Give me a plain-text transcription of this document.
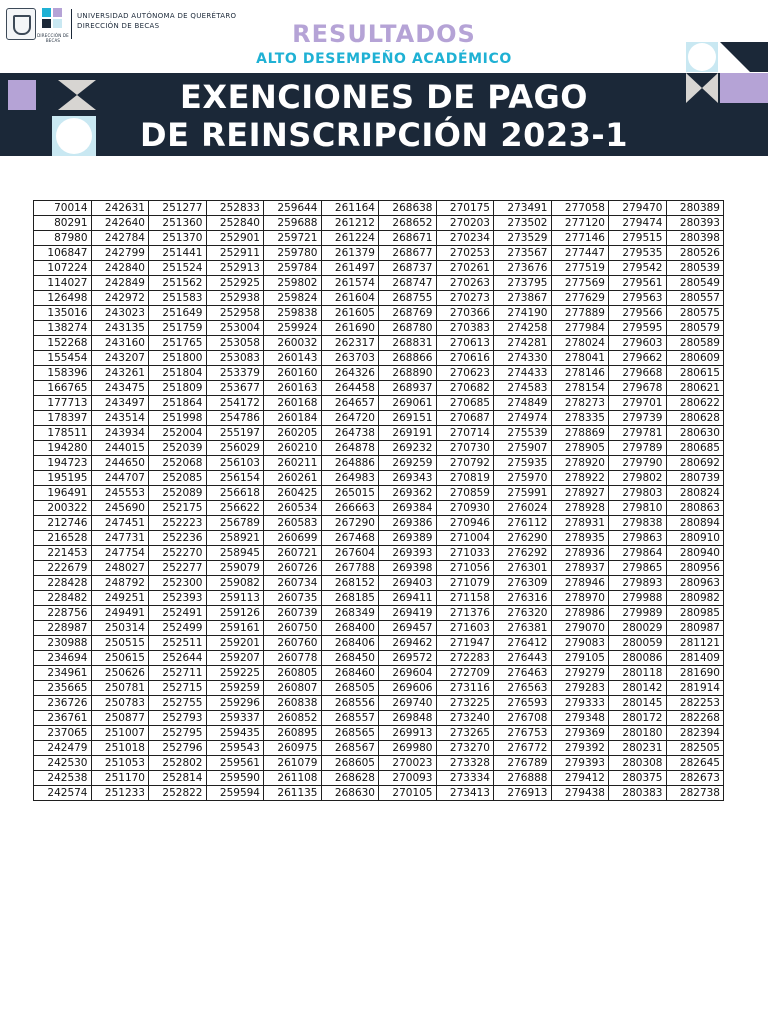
DIRECCIÓN DE BECAS
UNIVERSIDAD AUTÓNOMA DE QUERÉTARO
DIRECCIÓN DE BECAS	RESULTADOS
ALTO DESEMPEÑO ACADÉMICO
EXENCIONES DE PAGO
DE REINSCRIPCIÓN 2023-1
70014	242631	251277	252833	259644	261164	268638	270175	273491	277058	279470	280389
80291	242640	251360	252840	259688	261212	268652	270203	273502	277120	279474	280393
87980	242784	251370	252901	259721	261224	268671	270234	273529	277146	279515	280398
106847	242799	251441	252911	259780	261379	268677	270253	273567	277447	279535	280526
107224	242840	251524	252913	259784	261497	268737	270261	273676	277519	279542	280539
114027	242849	251562	252925	259802	261574	268747	270263	273795	277569	279561	280549
126498	242972	251583	252938	259824	261604	268755	270273	273867	277629	279563	280557
135016	243023	251649	252958	259838	261605	268769	270366	274190	277889	279566	280575
138274	243135	251759	253004	259924	261690	268780	270383	274258	277984	279595	280579
152268	243160	251765	253058	260032	262317	268831	270613	274281	278024	279603	280589
155454	243207	251800	253083	260143	263703	268866	270616	274330	278041	279662	280609
158396	243261	251804	253379	260160	264326	268890	270623	274433	278146	279668	280615
166765	243475	251809	253677	260163	264458	268937	270682	274583	278154	279678	280621
177713	243497	251864	254172	260168	264657	269061	270685	274849	278273	279701	280622
178397	243514	251998	254786	260184	264720	269151	270687	274974	278335	279739	280628
178511	243934	252004	255197	260205	264738	269191	270714	275539	278869	279781	280630
194280	244015	252039	256029	260210	264878	269232	270730	275907	278905	279789	280685
194723	244650	252068	256103	260211	264886	269259	270792	275935	278920	279790	280692
195195	244707	252085	256154	260261	264983	269343	270819	275970	278922	279802	280739
196491	245553	252089	256618	260425	265015	269362	270859	275991	278927	279803	280824
200322	245690	252175	256622	260534	266663	269384	270930	276024	278928	279810	280863
212746	247451	252223	256789	260583	267290	269386	270946	276112	278931	279838	280894
216528	247731	252236	258921	260699	267468	269389	271004	276290	278935	279863	280910
221453	247754	252270	258945	260721	267604	269393	271033	276292	278936	279864	280940
222679	248027	252277	259079	260726	267788	269398	271056	276301	278937	279865	280956
228428	248792	252300	259082	260734	268152	269403	271079	276309	278946	279893	280963
228482	249251	252393	259113	260735	268185	269411	271158	276316	278970	279988	280982
228756	249491	252491	259126	260739	268349	269419	271376	276320	278986	279989	280985
228987	250314	252499	259161	260750	268400	269457	271603	276381	279070	280029	280987
230988	250515	252511	259201	260760	268406	269462	271947	276412	279083	280059	281121
234694	250615	252644	259207	260778	268450	269572	272283	276443	279105	280086	281409
234961	250626	252711	259225	260805	268460	269604	272709	276463	279279	280118	281690
235665	250781	252715	259259	260807	268505	269606	273116	276563	279283	280142	281914
236726	250783	252755	259296	260838	268556	269740	273225	276593	279333	280145	282253
236761	250877	252793	259337	260852	268557	269848	273240	276708	279348	280172	282268
237065	251007	252795	259435	260895	268565	269913	273265	276753	279369	280180	282394
242479	251018	252796	259543	260975	268567	269980	273270	276772	279392	280231	282505
242530	251053	252802	259561	261079	268605	270023	273328	276789	279393	280308	282645
242538	251170	252814	259590	261108	268628	270093	273334	276888	279412	280375	282673
242574	251233	252822	259594	261135	268630	270105	273413	276913	279438	280383	282738
